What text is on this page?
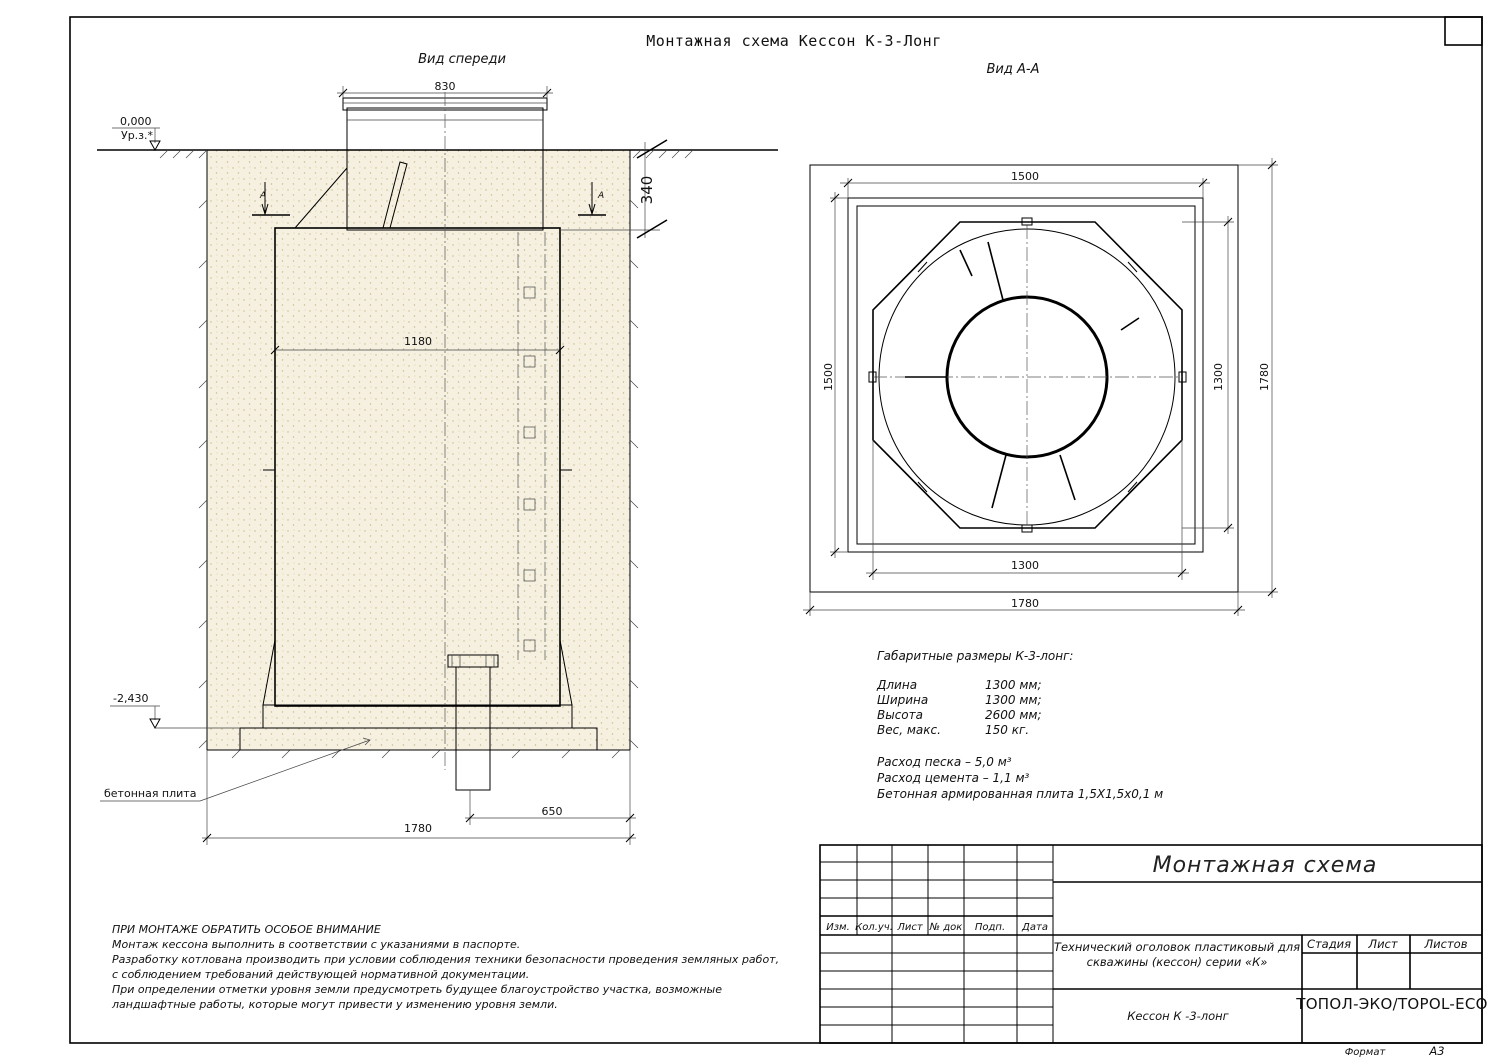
Монтажная схема Кессон К-3-Лонг
Вид спереди
830
340
1180
0,000
Ур.з.*
-2,430
А	А
бетонная плита
650
1780
Вид А-А
1500
1500	1300	1780
1300
1780
Габаритные размеры К-3-лонг:
Длина	1300 мм;
Ширина	1300 мм;
Высота	2600 мм;
Вес, макс.	150 кг.
Расход песка – 5,0 м³
Расход цемента – 1,1 м³
Бетонная армированная плита 1,5Х1,5х0,1 м
ПРИ МОНТАЖЕ ОБРАТИТЬ ОСОБОЕ ВНИМАНИЕ
Монтаж кессона выполнить в соответствии с указаниями в паспорте.
Разработку котлована производить при условии соблюдения техники безопасности проведения земляных работ,
с соблюдением требований действующей нормативной документации.
При определении отметки уровня земли предусмотреть будущее благоустройство участка, возможные
ландшафтные работы, которые могут привести у изменению уровня земли.
Изм. Кол.уч. Лист № док Подп. Дата
Монтажная схема
Технический оголовок пластиковый для
скважины (кессон) серии «К»
Стадия Лист Листов
Кессон К -3-лонг
ТОПОЛ-ЭКО/TOPOL-ECO
Формат	А3
